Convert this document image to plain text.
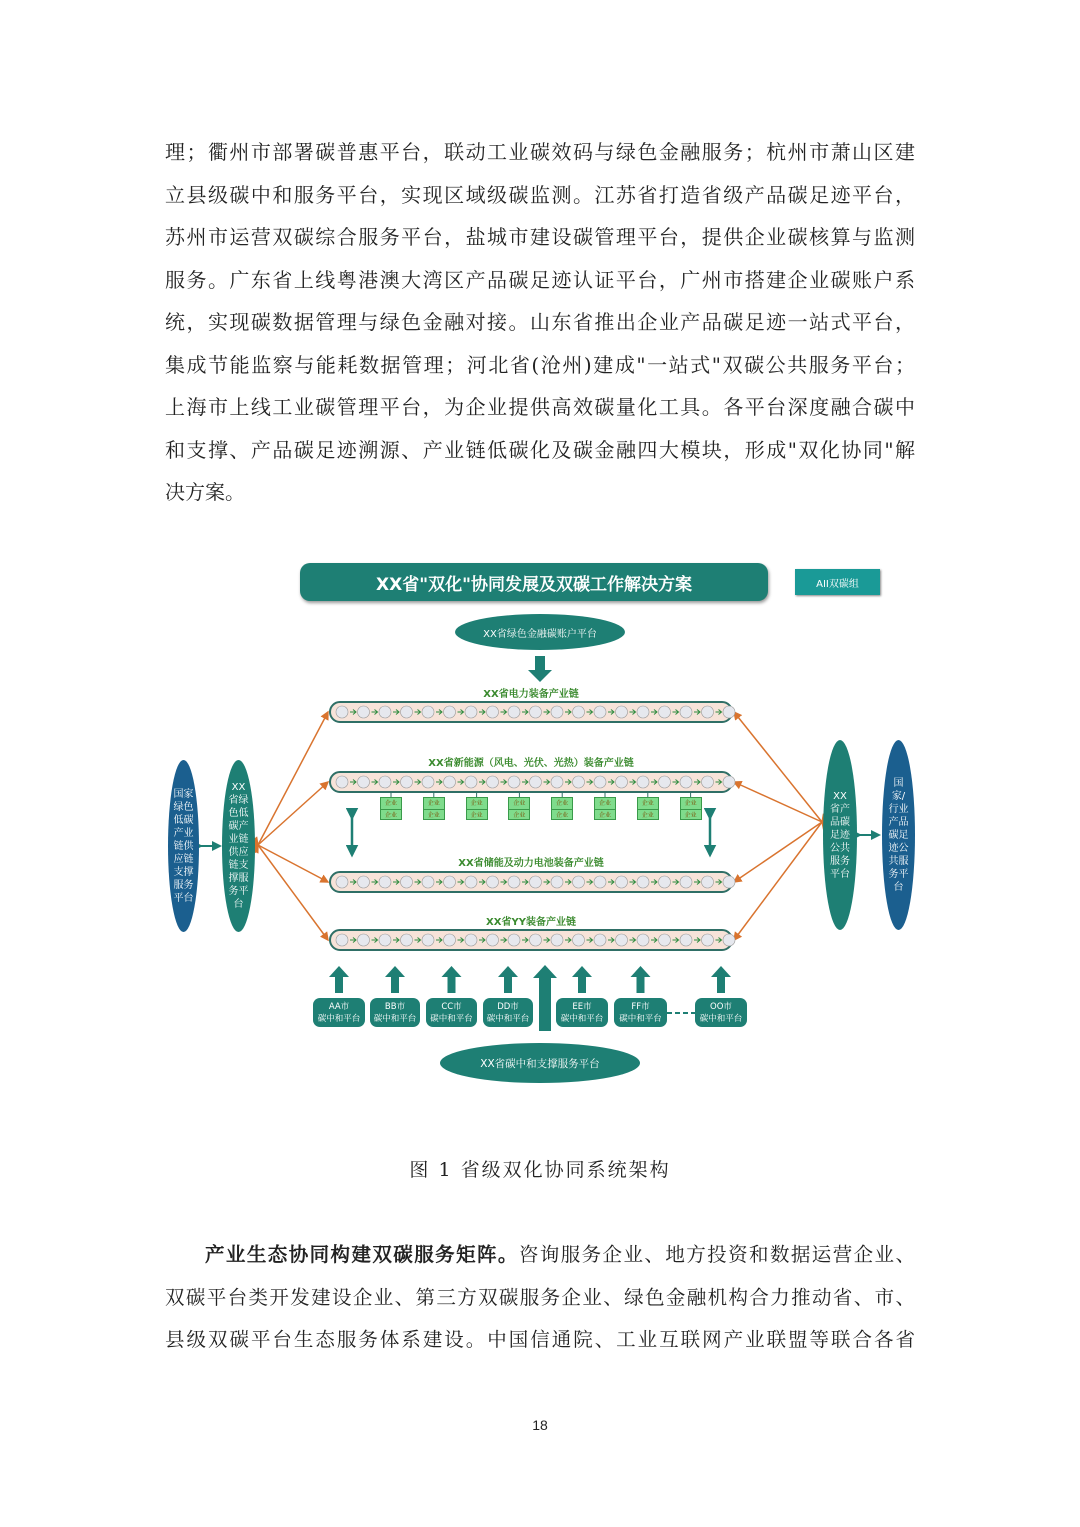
理；衢州市部署碳普惠平台，联动工业碳效码与绿色金融服务；杭州市萧山区建
立县级碳中和服务平台，实现区域级碳监测。江苏省打造省级产品碳足迹平台，
苏州市运营双碳综合服务平台，盐城市建设碳管理平台，提供企业碳核算与监测
服务。广东省上线粤港澳大湾区产品碳足迹认证平台，广州市搭建企业碳账户系
统，实现碳数据管理与绿色金融对接。山东省推出企业产品碳足迹一站式平台，
集成节能监察与能耗数据管理；河北省(沧州)建成"一站式"双碳公共服务平台；
上海市上线工业碳管理平台，为企业提供高效碳量化工具。各平台深度融合碳中
和支撑、产品碳足迹溯源、产业链低碳化及碳金融四大模块，形成"双化协同"解
决方案。
XX省"双化"协同发展及双碳工作解决方案	AII双碳组
XX省绿色金融碳账户平台
XX省电力装备产业链
XX省新能源（风电、光伏、光热）装备产业链
XX省储能及动力电池装备产业链
XX省YY装备产业链
企业
企业
企业
企业
企业
企业
企业
企业
企业
企业
企业
企业
企业
企业
企业
企业
国家绿色低碳产业链供应链支撑服务平台
XX省绿色低碳产业链供应链支撑服务平台
XX省产品碳足迹公共服务平台
国家/行业产品碳足迹公共服务平台
AA市
碳中和平台
BB市
碳中和平台
CC市
碳中和平台
DD市
碳中和平台
EE市
碳中和平台
FF市
碳中和平台
OO市
碳中和平台
XX省碳中和支撑服务平台
图 1 省级双化协同系统架构
产业生态协同构建双碳服务矩阵。咨询服务企业、地方投资和数据运营企业、
双碳平台类开发建设企业、第三方双碳服务企业、绿色金融机构合力推动省、市、
县级双碳平台生态服务体系建设。中国信通院、工业互联网产业联盟等联合各省
18
